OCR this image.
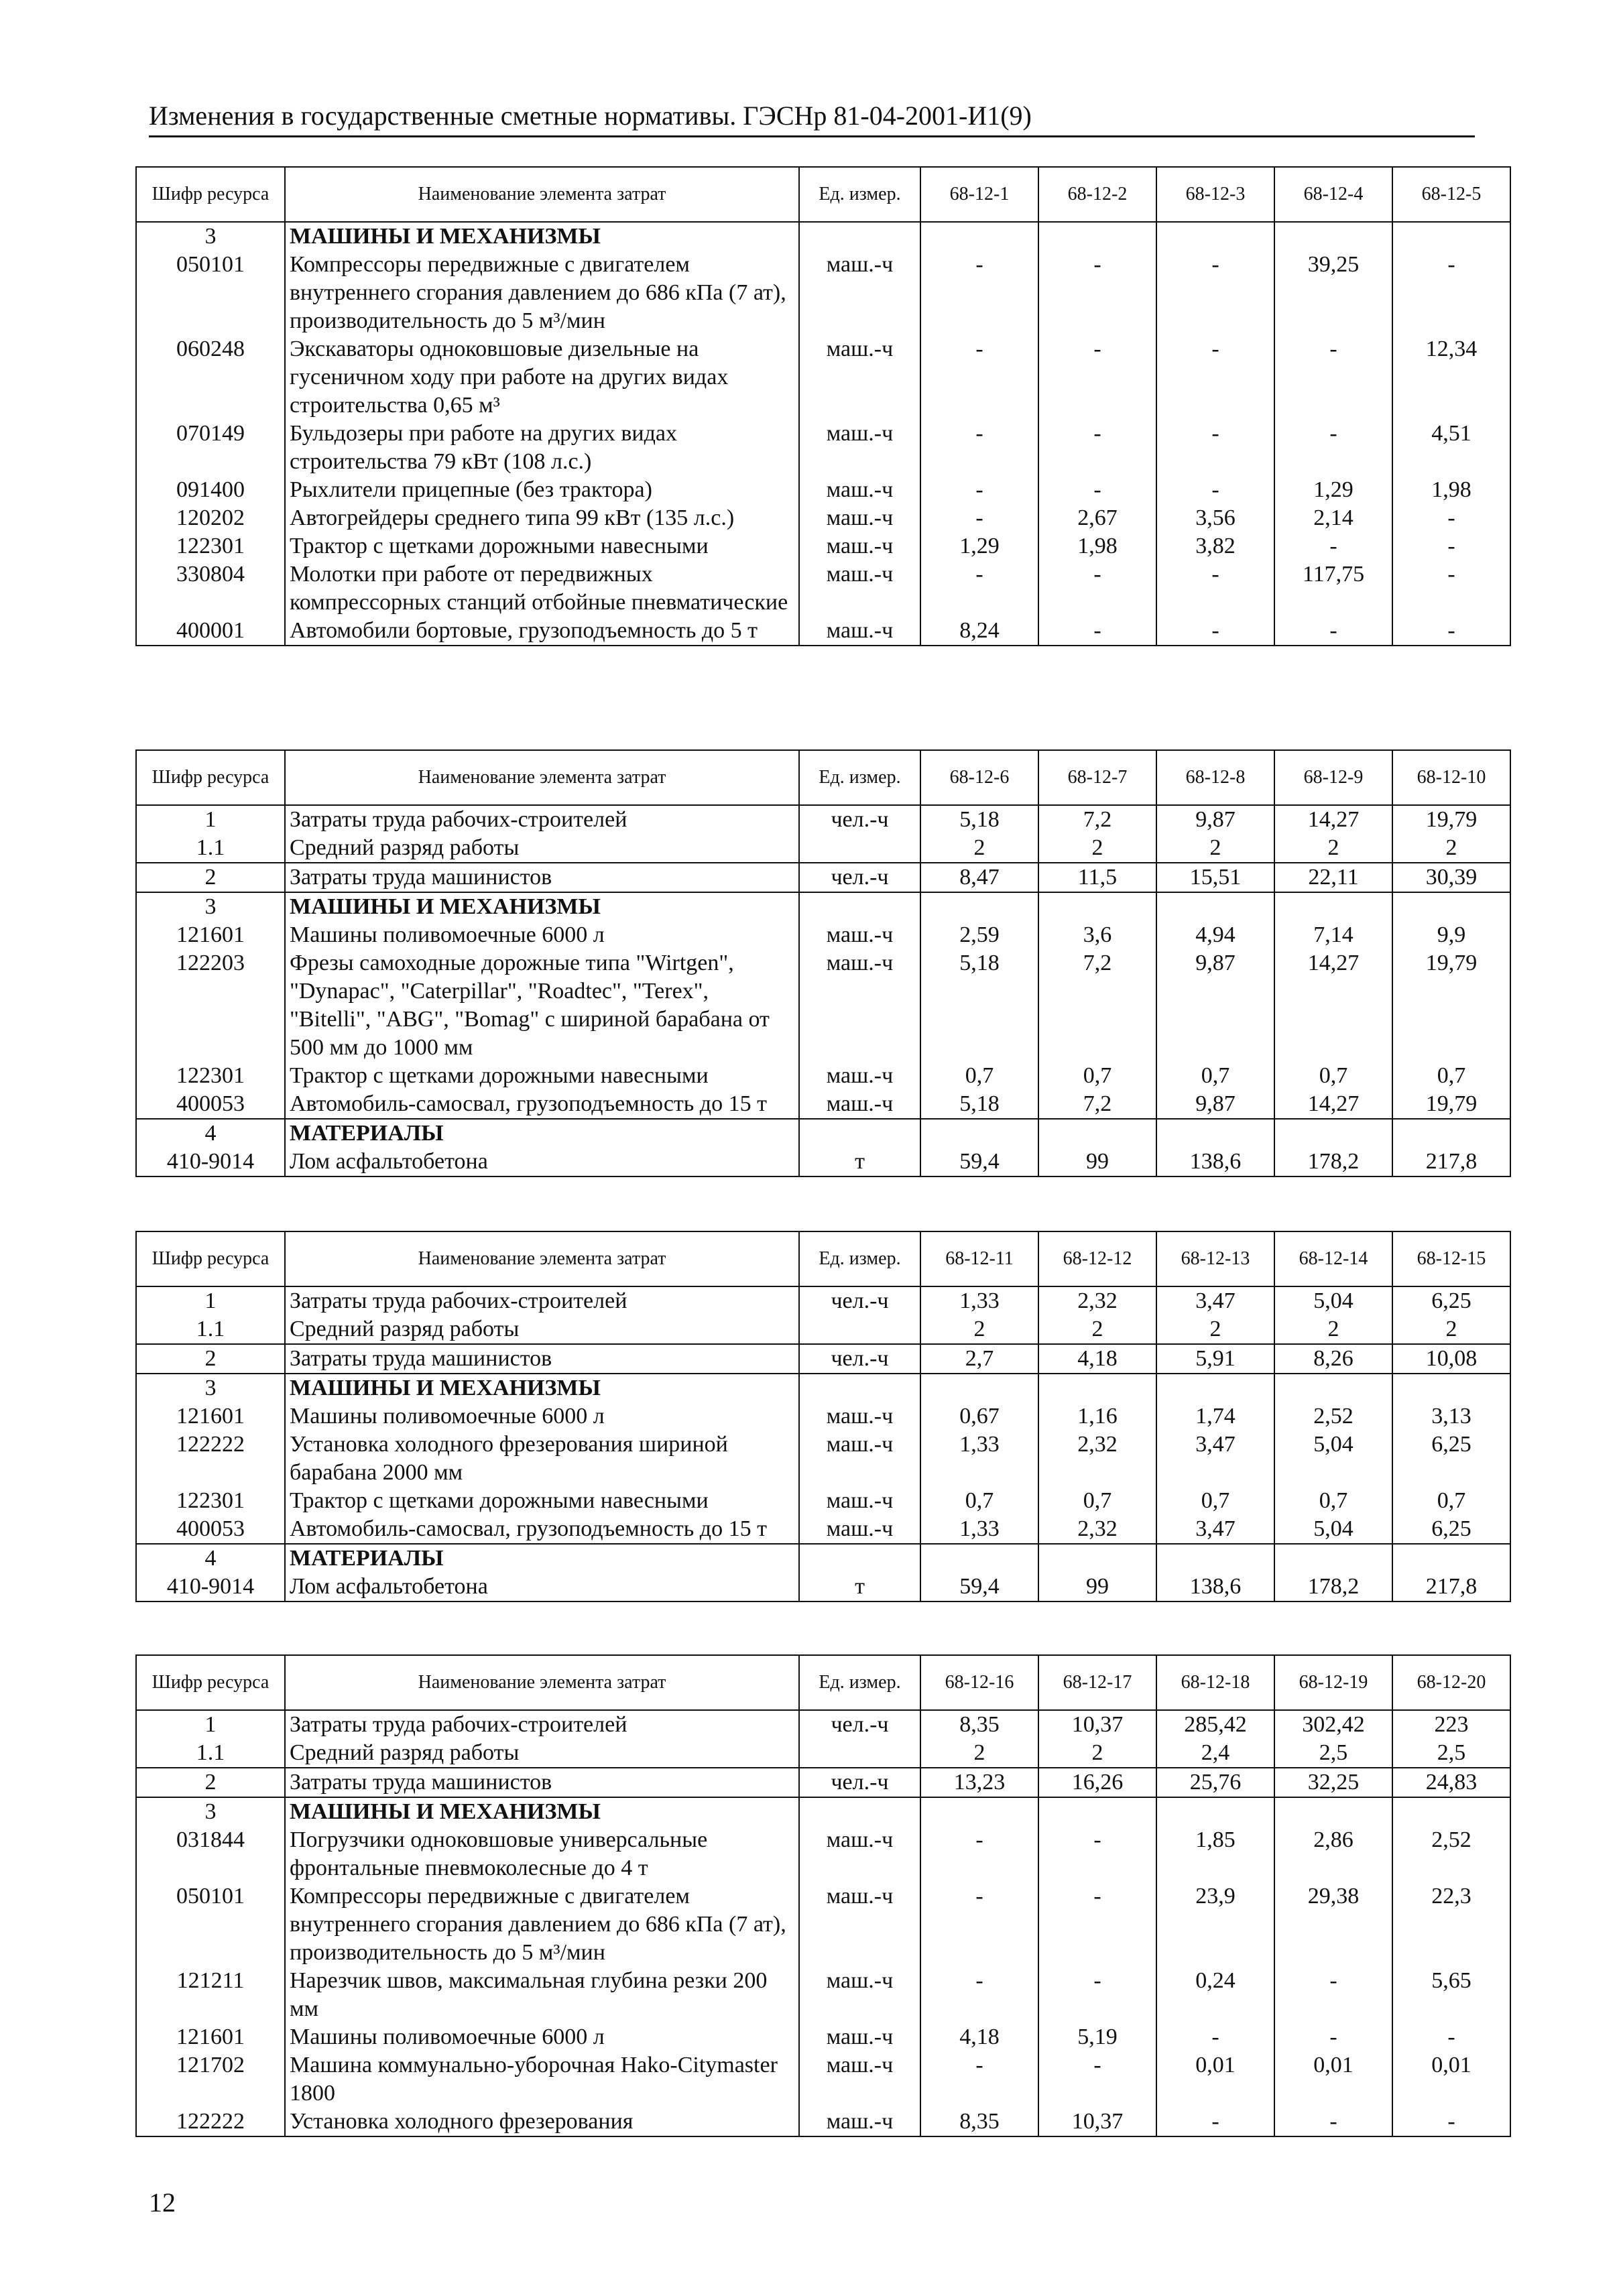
Изменения в государственные сметные нормативы. ГЭСНр 81-04-2001-И1(9)
Шифр ресурса	Наименование элемента затрат	Ед. измер.	68-12-1	68-12-2	68-12-3	68-12-4	68-12-5
3	МАШИНЫ И МЕХАНИЗМЫ						
050101	Компрессоры передвижные с двигателем внутреннего сгорания давлением до 686 кПа (7 ат), производительность до 5 м³/мин	маш.-ч	-	-	-	39,25	-
060248	Экскаваторы одноковшовые дизельные на гусеничном ходу при работе на других видах строительства 0,65 м³	маш.-ч	-	-	-	-	12,34
070149	Бульдозеры при работе на других видах строительства 79 кВт (108 л.с.)	маш.-ч	-	-	-	-	4,51
091400	Рыхлители прицепные (без трактора)	маш.-ч	-	-	-	1,29	1,98
120202	Автогрейдеры среднего типа 99 кВт (135 л.с.)	маш.-ч	-	2,67	3,56	2,14	-
122301	Трактор с щетками дорожными навесными	маш.-ч	1,29	1,98	3,82	-	-
330804	Молотки при работе от передвижных компрессорных станций отбойные пневматические	маш.-ч	-	-	-	117,75	-
400001	Автомобили бортовые, грузоподъемность до 5 т	маш.-ч	8,24	-	-	-	-
Шифр ресурса	Наименование элемента затрат	Ед. измер.	68-12-6	68-12-7	68-12-8	68-12-9	68-12-10
1	Затраты труда рабочих-строителей	чел.-ч	5,18	7,2	9,87	14,27	19,79
1.1	Средний разряд работы		2	2	2	2	2
2	Затраты труда машинистов	чел.-ч	8,47	11,5	15,51	22,11	30,39
3	МАШИНЫ И МЕХАНИЗМЫ						
121601	Машины поливомоечные 6000 л	маш.-ч	2,59	3,6	4,94	7,14	9,9
122203	Фрезы самоходные дорожные типа "Wirtgen", "Dynapac", "Caterpillar", "Roadtec", "Terex", "Bitelli", "ABG", "Bomag" с шириной барабана от 500 мм до 1000 мм	маш.-ч	5,18	7,2	9,87	14,27	19,79
122301	Трактор с щетками дорожными навесными	маш.-ч	0,7	0,7	0,7	0,7	0,7
400053	Автомобиль-самосвал, грузоподъемность до 15 т	маш.-ч	5,18	7,2	9,87	14,27	19,79
4	МАТЕРИАЛЫ						
410-9014	Лом асфальтобетона	т	59,4	99	138,6	178,2	217,8
Шифр ресурса	Наименование элемента затрат	Ед. измер.	68-12-11	68-12-12	68-12-13	68-12-14	68-12-15
1	Затраты труда рабочих-строителей	чел.-ч	1,33	2,32	3,47	5,04	6,25
1.1	Средний разряд работы		2	2	2	2	2
2	Затраты труда машинистов	чел.-ч	2,7	4,18	5,91	8,26	10,08
3	МАШИНЫ И МЕХАНИЗМЫ						
121601	Машины поливомоечные 6000 л	маш.-ч	0,67	1,16	1,74	2,52	3,13
122222	Установка холодного фрезерования шириной барабана 2000 мм	маш.-ч	1,33	2,32	3,47	5,04	6,25
122301	Трактор с щетками дорожными навесными	маш.-ч	0,7	0,7	0,7	0,7	0,7
400053	Автомобиль-самосвал, грузоподъемность до 15 т	маш.-ч	1,33	2,32	3,47	5,04	6,25
4	МАТЕРИАЛЫ						
410-9014	Лом асфальтобетона	т	59,4	99	138,6	178,2	217,8
Шифр ресурса	Наименование элемента затрат	Ед. измер.	68-12-16	68-12-17	68-12-18	68-12-19	68-12-20
1	Затраты труда рабочих-строителей	чел.-ч	8,35	10,37	285,42	302,42	223
1.1	Средний разряд работы		2	2	2,4	2,5	2,5
2	Затраты труда машинистов	чел.-ч	13,23	16,26	25,76	32,25	24,83
3	МАШИНЫ И МЕХАНИЗМЫ						
031844	Погрузчики одноковшовые универсальные фронтальные пневмоколесные до 4 т	маш.-ч	-	-	1,85	2,86	2,52
050101	Компрессоры передвижные с двигателем внутреннего сгорания давлением до 686 кПа (7 ат), производительность до 5 м³/мин	маш.-ч	-	-	23,9	29,38	22,3
121211	Нарезчик швов, максимальная глубина резки 200 мм	маш.-ч	-	-	0,24	-	5,65
121601	Машины поливомоечные 6000 л	маш.-ч	4,18	5,19	-	-	-
121702	Машина коммунально-уборочная Hako-Citymaster 1800	маш.-ч	-	-	0,01	0,01	0,01
122222	Установка холодного фрезерования	маш.-ч	8,35	10,37	-	-	-
12
